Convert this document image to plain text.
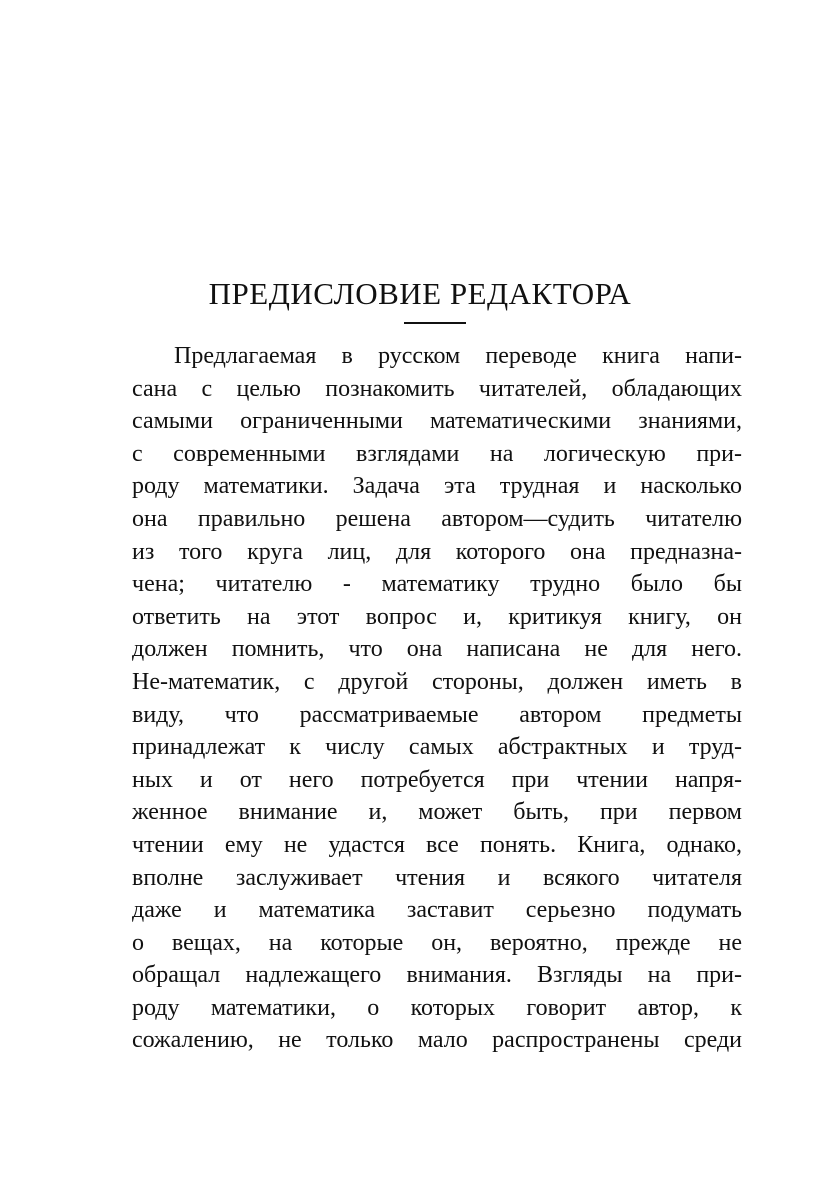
ПРЕДИСЛОВИЕ РЕДАКТОРА
Предлагаемая в русском переводе книга напи-
сана с целью познакомить читателей, обладающих
самыми ограниченными математическими знаниями,
с современными взглядами на логическую при-
роду математики. Задача эта трудная и насколько
она правильно решена автором—судить читателю
из того круга лиц, для которого она предназна-
чена; читателю - математику трудно было бы
ответить на этот вопрос и, критикуя книгу, он
должен помнить, что она написана не для него.
Не-математик, с другой стороны, должен иметь в
виду, что рассматриваемые автором предметы
принадлежат к числу самых абстрактных и труд-
ных и от него потребуется при чтении напря-
женное внимание и, может быть, при первом
чтении ему не удастся все понять. Книга, однако,
вполне заслуживает чтения и всякого читателя
даже и математика заставит серьезно подумать
о вещах, на которые он, вероятно, прежде не
обращал надлежащего внимания. Взгляды на при-
роду математики, о которых говорит автор, к
сожалению, не только мало распространены среди
